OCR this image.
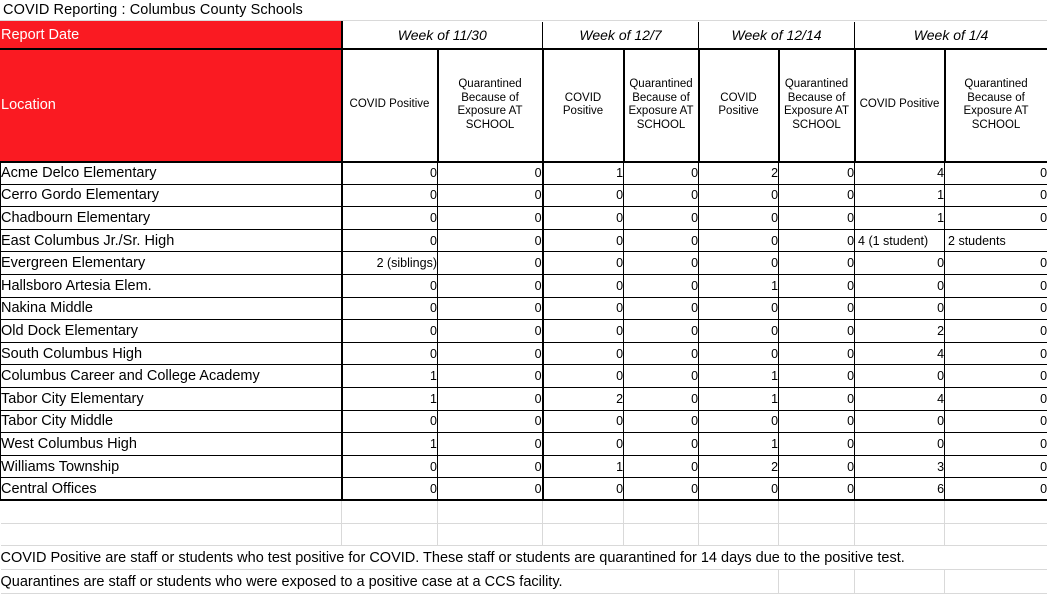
COVID Reporting : Columbus County Schools
Report Date	Week of 11/30		Week of 12/7		Week of 12/14		Week of 1/4	
Location	COVID Positive	Quarantined Because of Exposure AT SCHOOL	COVID Positive	Quarantined Because of Exposure AT SCHOOL	COVID Positive	Quarantined Because of Exposure AT SCHOOL	COVID Positive	Quarantined Because of Exposure AT SCHOOL
Acme Delco Elementary	0	0	1	0	2	0	4	0
Cerro Gordo Elementary	0	0	0	0	0	0	1	0
Chadbourn Elementary	0	0	0	0	0	0	1	0
East Columbus Jr./Sr. High	0	0	0	0	0	0	4 (1 student)	2 students
Evergreen Elementary	2 (siblings)	0	0	0	0	0	0	0
Hallsboro Artesia Elem.	0	0	0	0	1	0	0	0
Nakina Middle	0	0	0	0	0	0	0	0
Old Dock Elementary	0	0	0	0	0	0	2	0
South Columbus High	0	0	0	0	0	0	4	0
Columbus Career and College Academy	1	0	0	0	1	0	0	0
Tabor City Elementary	1	0	2	0	1	0	4	0
Tabor City Middle	0	0	0	0	0	0	0	0
West Columbus High	1	0	0	0	1	0	0	0
Williams Township	0	0	1	0	2	0	3	0
Central Offices	0	0	0	0	0	0	6	0

COVID Positive are staff or students who test positive for COVID. These staff or students are quarantined for 14 days due to the positive test.								
Quarantines are staff or students who were exposed to a positive case at a CCS facility.								
